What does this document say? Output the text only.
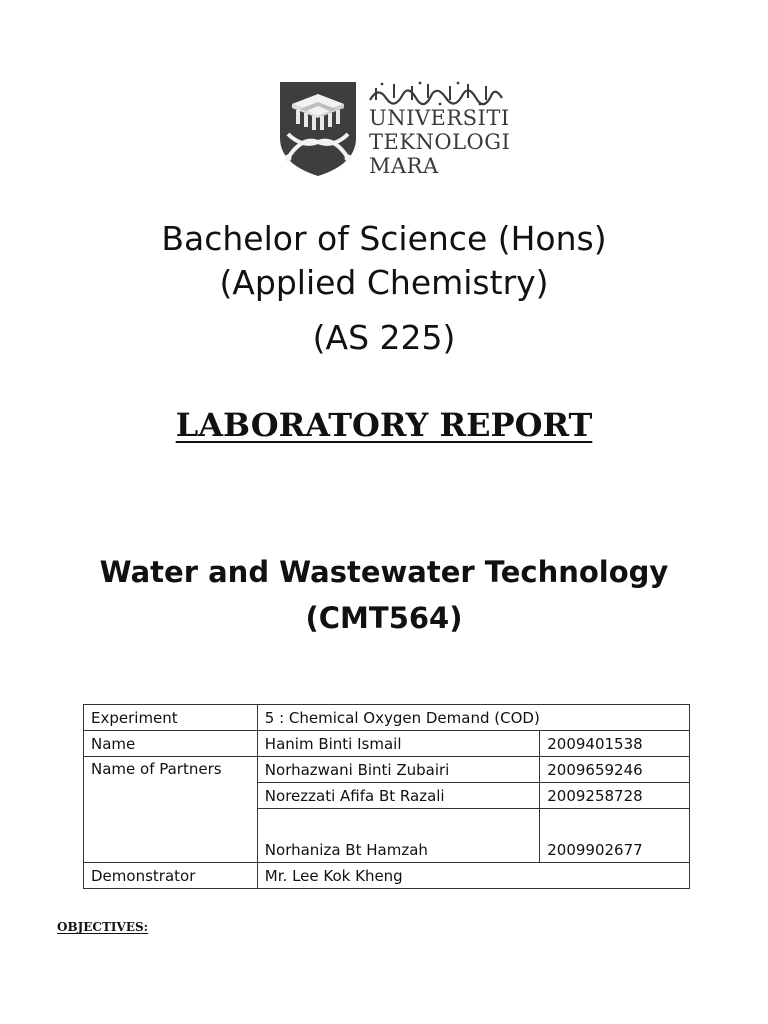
UNIVERSITI
TEKNOLOGI
MARA
Bachelor of Science (Hons)
(Applied Chemistry)
(AS 225)
LABORATORY REPORT
Water and Wastewater Technology
(CMT564)
Experiment	5 : Chemical Oxygen Demand (COD)	
Name	Hanim Binti Ismail	2009401538
Name of Partners	Norhazwani Binti Zubairi	2009659246
	Norezzati Afifa Bt Razali	2009258728
	Norhaniza Bt Hamzah	2009902677
Demonstrator	Mr. Lee Kok Kheng	
OBJECTIVES:
